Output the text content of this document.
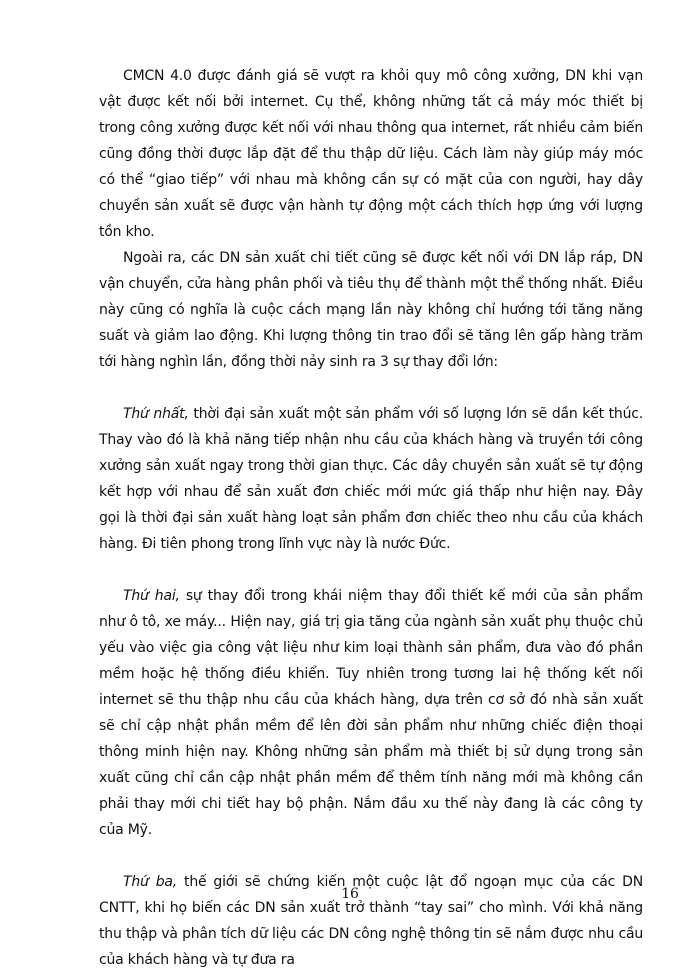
CMCN 4.0 được đánh giá sẽ vượt ra khỏi quy mô công xưởng, DN khi vạn vật được kết nối bởi internet. Cụ thể, không những tất cả máy móc thiết bị trong công xưởng được kết nối với nhau thông qua internet, rất nhiều cảm biến cũng đồng thời được lắp đặt để thu thập dữ liệu. Cách làm này giúp máy móc có thể “giao tiếp” với nhau mà không cần sự có mặt của con người, hay dây chuyền sản xuất sẽ được vận hành tự động một cách thích hợp ứng với lượng tồn kho.

Ngoài ra, các DN sản xuất chi tiết cũng sẽ được kết nối với DN lắp ráp, DN vận chuyển, cửa hàng phân phối và tiêu thụ để thành một thể thống nhất. Điều này cũng có nghĩa là cuộc cách mạng lần này không chỉ hướng tới tăng năng suất và giảm lao động. Khi lượng thông tin trao đổi sẽ tăng lên gấp hàng trăm tới hàng nghìn lần, đồng thời nảy sinh ra 3 sự thay đổi lớn:

Thứ nhất, thời đại sản xuất một sản phẩm với số lượng lớn sẽ dần kết thúc. Thay vào đó là khả năng tiếp nhận nhu cầu của khách hàng và truyền tới công xưởng sản xuất ngay trong thời gian thực. Các dây chuyền sản xuất sẽ tự động kết hợp với nhau để sản xuất đơn chiếc mới mức giá thấp như hiện nay. Đây gọi là thời đại sản xuất hàng loạt sản phẩm đơn chiếc theo nhu cầu của khách hàng. Đi tiên phong trong lĩnh vực này là nước Đức.

Thứ hai, sự thay đổi trong khái niệm thay đổi thiết kế mới của sản phẩm như ô tô, xe máy... Hiện nay, giá trị gia tăng của ngành sản xuất phụ thuộc chủ yếu vào việc gia công vật liệu như kim loại thành sản phẩm, đưa vào đó phần mềm hoặc hệ thống điều khiển. Tuy nhiên trong tương lai hệ thống kết nối internet sẽ thu thập nhu cầu của khách hàng, dựa trên cơ sở đó nhà sản xuất sẽ chỉ cập nhật phần mềm để lên đời sản phẩm như những chiếc điện thoại thông minh hiện nay. Không những sản phẩm mà thiết bị sử dụng trong sản xuất cũng chỉ cần cập nhật phần mềm để thêm tính năng mới mà không cần phải thay mới chi tiết hay bộ phận. Nắm đầu xu thế này đang là các công ty của Mỹ.

Thứ ba, thế giới sẽ chứng kiến một cuộc lật đổ ngoạn mục của các DN CNTT, khi họ biến các DN sản xuất trở thành “tay sai” cho mình. Với khả năng thu thập và phân tích dữ liệu các DN công nghệ thông tin sẽ nắm được nhu cầu của khách hàng và tự đưa ra

16
